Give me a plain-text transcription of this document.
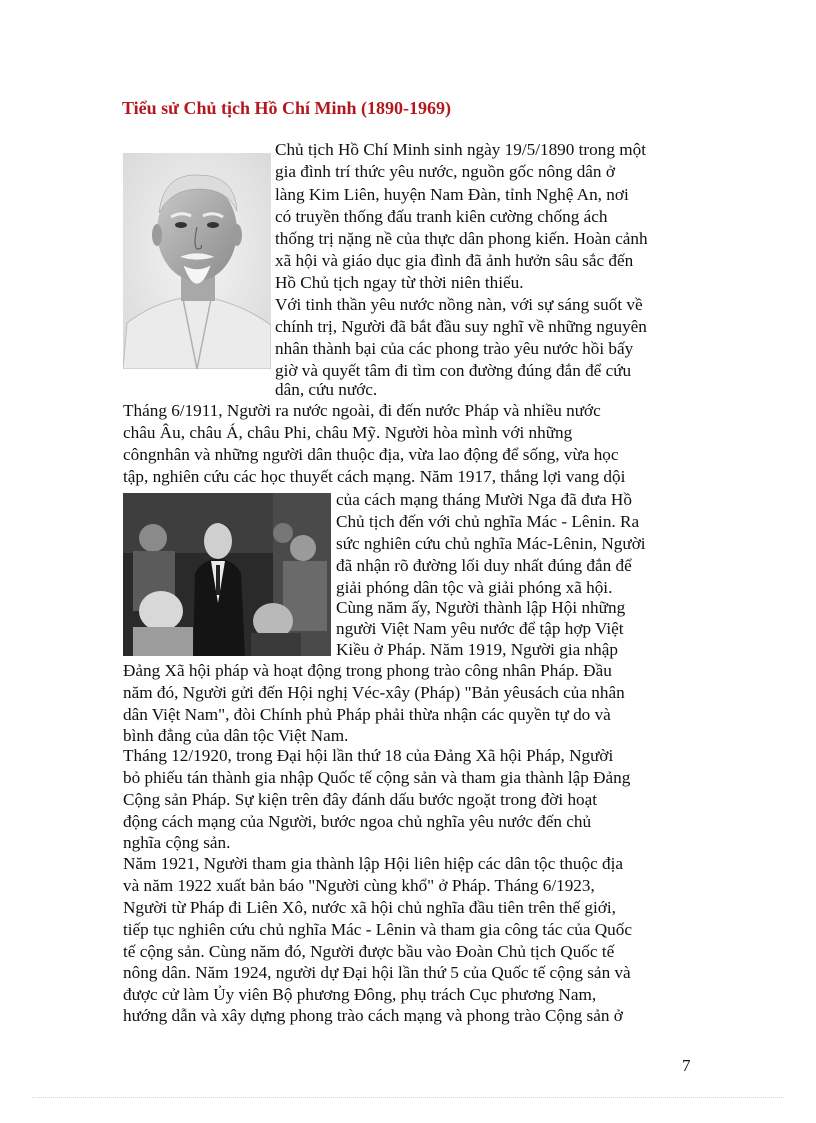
Tiểu sử Chủ tịch Hồ Chí Minh (1890-1969)
Chủ tịch Hồ Chí Minh sinh ngày 19/5/1890 trong một
gia đình trí thức yêu nước, nguồn gốc nông dân ở
làng Kim Liên, huyện Nam Đàn, tỉnh Nghệ An, nơi
có truyền thống đấu tranh kiên cường chống ách
thống trị nặng nề của thực dân phong kiến. Hoàn cảnh
xã hội và giáo dục gia đình đã ảnh hưởn sâu sắc đến
Hồ Chủ tịch ngay từ thời niên thiếu.
Với tinh thần yêu nước nồng nàn, với sự sáng suốt về
chính trị, Người đã bắt đầu suy nghĩ về những nguyên
nhân thành bại của các phong trào yêu nước hồi bấy
giờ và quyết tâm đi tìm con đường đúng đắn để cứu
dân, cứu nước.
Tháng 6/1911, Người ra nước ngoài, đi đến nước Pháp và nhiều nước
châu Âu, châu Á, châu Phi, châu Mỹ. Người hòa mình với những
côngnhân và những người dân thuộc địa, vừa lao động để sống, vừa học
tập, nghiên cứu các học thuyết cách mạng. Năm 1917, thắng lợi vang dội
của cách mạng tháng Mười Nga đã đưa Hồ
Chủ tịch đến với chủ nghĩa Mác - Lênin. Ra
sức nghiên cứu chủ nghĩa Mác-Lênin, Người
đã nhận rõ đường lối duy nhất đúng đắn để
giải phóng dân tộc và giải phóng xã hội.
Cùng năm ấy, Người thành lập Hội những
người Việt Nam yêu nước để tập hợp Việt
Kiều ở Pháp. Năm 1919, Người gia nhập
Đảng Xã hội pháp và hoạt động trong phong trào công nhân Pháp. Đầu
năm đó, Người gửi đến Hội nghị Véc-xây (Pháp) "Bản yêusách của nhân
dân Việt Nam", đòi Chính phủ Pháp phải thừa nhận các quyền tự do và
bình đẳng của dân tộc Việt Nam.
Tháng 12/1920, trong Đại hội lần thứ 18 của Đảng Xã hội Pháp, Người
bỏ phiếu tán thành gia nhập Quốc tế cộng sản và tham gia thành lập Đảng
Cộng sản Pháp. Sự kiện trên đây đánh dấu bước ngoặt trong đời hoạt
động cách mạng của Người, bước ngoa chủ nghĩa yêu nước đến chủ
nghĩa cộng sản.
Năm 1921, Người tham gia thành lập Hội liên hiệp các dân tộc thuộc địa
và năm 1922 xuất bản báo "Người cùng khổ" ở Pháp. Tháng 6/1923,
Người từ Pháp đi Liên Xô, nước xã hội chủ nghĩa đầu tiên trên thế giới,
tiếp tục nghiên cứu chủ nghĩa Mác - Lênin và tham gia công tác của Quốc
tế cộng sản. Cùng năm đó, Người được bầu vào Đoàn Chủ tịch Quốc tế
nông dân. Năm 1924, người dự Đại hội lần thứ 5 của Quốc tế cộng sản và
được cử làm Ủy viên Bộ phương Đông, phụ trách Cục phương Nam,
hướng dẫn và xây dựng phong trào cách mạng và phong trào Cộng sản ở
7
